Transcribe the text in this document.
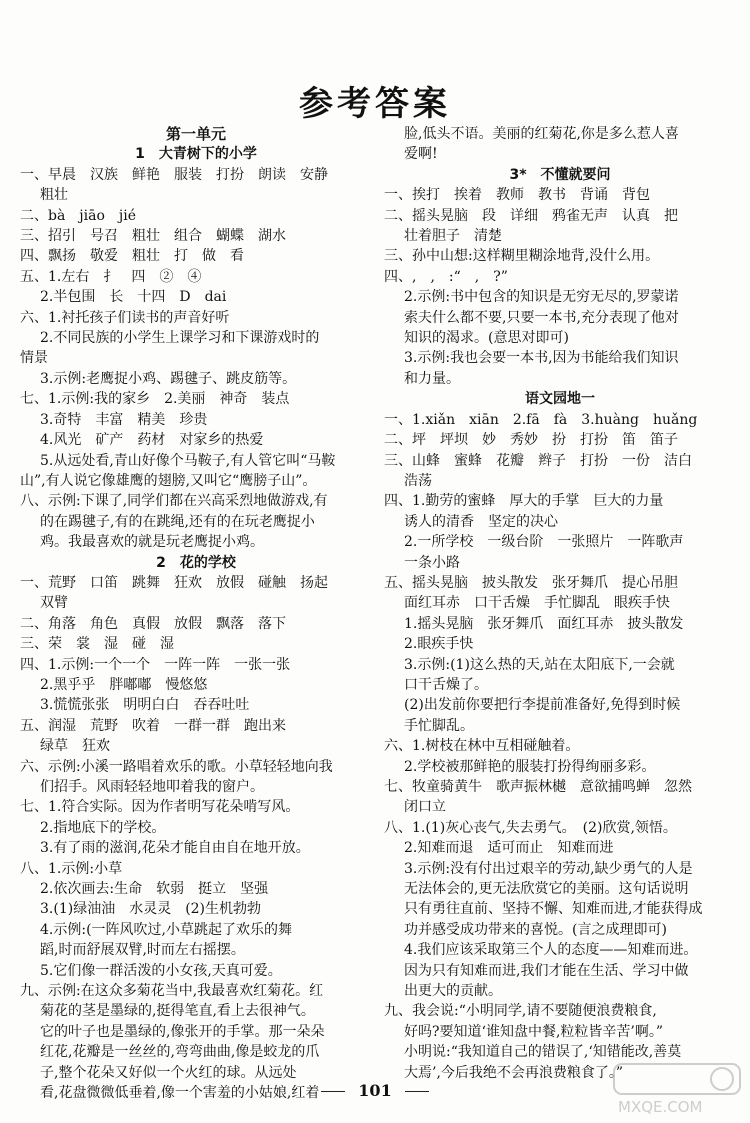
参考答案
第一单元
1　大青树下的小学
一、早晨　汉族　鲜艳　服装　打扮　朗读　安静
粗壮
二、bà　jiāo　jié
三、招引　号召　粗壮　组合　蝴蝶　湖水
四、飘扬　敬爱　粗壮　打　做　看
五、1.左右　扌　四　②　④
2.半包围　长　十四　D　dai
六、1.衬托孩子们读书的声音好听
2.不同民族的小学生上课学习和下课游戏时的
情景
3.示例:老鹰捉小鸡、踢毽子、跳皮筋等。
七、1.示例:我的家乡　2.美丽　神奇　装点
3.奇特　丰富　精美　珍贵
4.风光　矿产　药材　对家乡的热爱
5.从远处看,青山好像个马鞍子,有人管它叫“马鞍
山”,有人说它像雄鹰的翅膀,又叫它“鹰膀子山”。
八、示例:下课了,同学们都在兴高采烈地做游戏,有
的在踢毽子,有的在跳绳,还有的在玩老鹰捉小
鸡。我最喜欢的就是玩老鹰捉小鸡。
2　花的学校
一、荒野　口笛　跳舞　狂欢　放假　碰触　扬起
双臂
二、角落　角色　真假　放假　飘落　落下
三、荣　裳　湿　碰　湿
四、1.示例:一个一个　一阵一阵　一张一张
2.黑乎乎　胖嘟嘟　慢悠悠
3.慌慌张张　明明白白　吞吞吐吐
五、润湿　荒野　吹着　一群一群　跑出来
绿草　狂欢
六、示例:小溪一路唱着欢乐的歌。小草轻轻地向我
们招手。风雨轻轻地叩着我的窗户。
七、1.符合实际。因为作者明写花朵啃写风。
2.指地底下的学校。
3.有了雨的滋润,花朵才能自由自在地开放。
八、1.示例:小草
2.依次画去:生命　软弱　挺立　坚强
3.(1)绿油油　水灵灵　(2)生机勃勃
4.示例:(一阵风吹过,小草跳起了欢乐的舞
蹈,时而舒展双臂,时而左右摇摆。
5.它们像一群活泼的小女孩,天真可爱。
九、示例:在这众多菊花当中,我最喜欢红菊花。红
菊花的茎是墨绿的,挺得笔直,看上去很神气。
它的叶子也是墨绿的,像张开的手掌。那一朵朵
红花,花瓣是一丝丝的,弯弯曲曲,像是蛟龙的爪
子,整个花朵又好似一个火红的球。从远处
看,花盘微微低垂着,像一个害羞的小姑娘,红着
脸,低头不语。美丽的红菊花,你是多么惹人喜
爱啊!
3*　不懂就要问
一、挨打　挨着　教师　教书　背诵　背包
二、摇头晃脑　段　详细　鸦雀无声　认真　把
壮着胆子　清楚
三、孙中山想:这样糊里糊涂地背,没什么用。
四、,　,　:“　,　?”
2.示例:书中包含的知识是无穷无尽的,罗蒙诺
索夫什么都不要,只要一本书,充分表现了他对
知识的渴求。(意思对即可)
3.示例:我也会要一本书,因为书能给我们知识
和力量。
语文园地一
一、1.xiǎn　xiān　2.fā　fà　3.huàng　huǎng
二、坪　坪坝　妙　秀妙　扮　打扮　笛　笛子
三、山蜂　蜜蜂　花瓣　辫子　打扮　一份　洁白
浩荡
四、1.勤劳的蜜蜂　厚大的手掌　巨大的力量
诱人的清香　坚定的决心
2.一所学校　一级台阶　一张照片　一阵歌声
一条小路
五、摇头晃脑　披头散发　张牙舞爪　提心吊胆
面红耳赤　口干舌燥　手忙脚乱　眼疾手快
1.摇头晃脑　张牙舞爪　面红耳赤　披头散发
2.眼疾手快
3.示例:(1)这么热的天,站在太阳底下,一会就
口干舌燥了。
(2)出发前你要把行李提前准备好,免得到时候
手忙脚乱。
六、1.树枝在林中互相碰触着。
2.学校被那鲜艳的服装打扮得绚丽多彩。
七、牧童骑黄牛　歌声振林樾　意欲捕鸣蝉　忽然
闭口立
八、1.(1)灰心丧气,失去勇气。　(2)欣赏,领悟。
2.知难而退　适可而止　知难而进
3.示例:没有付出过艰辛的劳动,缺少勇气的人是
无法体会的,更无法欣赏它的美丽。这句话说明
只有勇往直前、坚持不懈、知难而进,才能获得成
功并感受成功带来的喜悦。(言之成理即可)
4.我们应该采取第三个人的态度——知难而进。
因为只有知难而进,我们才能在生活、学习中做
出更大的贡献。
九、我会说:“小明同学,请不要随便浪费粮食,
好吗?要知道‘谁知盘中餐,粒粒皆辛苦’啊。”
小明说:“我知道自己的错误了,‘知错能改,善莫
大焉’,今后我绝不会再浪费粮食了。”
101
MXQE.COM
